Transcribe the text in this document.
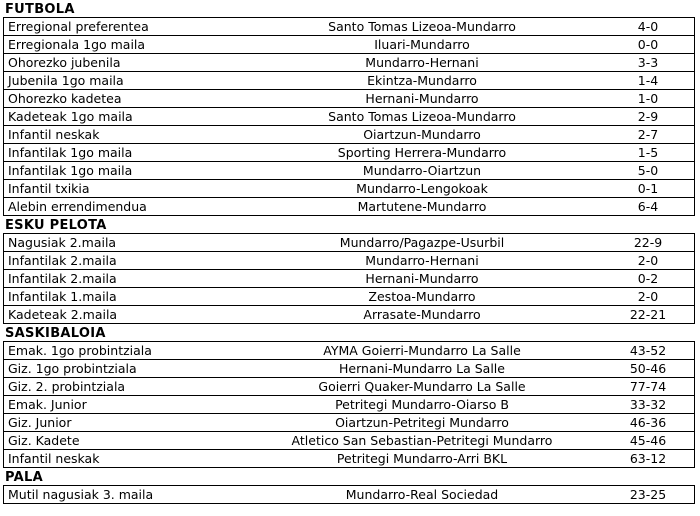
FUTBOLA
Erregional preferentea	Santo Tomas Lizeoa-Mundarro	4-0
Erregionala 1go maila	Iluari-Mundarro	0-0
Ohorezko jubenila	Mundarro-Hernani	3-3
Jubenila 1go maila	Ekintza-Mundarro	1-4
Ohorezko kadetea	Hernani-Mundarro	1-0
Kadeteak 1go maila	Santo Tomas Lizeoa-Mundarro	2-9
Infantil neskak	Oiartzun-Mundarro	2-7
Infantilak 1go maila	Sporting Herrera-Mundarro	1-5
Infantilak 1go maila	Mundarro-Oiartzun	5-0
Infantil txikia	Mundarro-Lengokoak	0-1
Alebin errendimendua	Martutene-Mundarro	6-4
ESKU PELOTA
Nagusiak 2.maila	Mundarro/Pagazpe-Usurbil	22-9
Infantilak 2.maila	Mundarro-Hernani	2-0
Infantilak 2.maila	Hernani-Mundarro	0-2
Infantilak 1.maila	Zestoa-Mundarro	2-0
Kadeteak 2.maila	Arrasate-Mundarro	22-21
SASKIBALOIA
Emak. 1go probintziala	AYMA Goierri-Mundarro La Salle	43-52
Giz. 1go probintziala	Hernani-Mundarro La Salle	50-46
Giz. 2. probintziala	Goierri Quaker-Mundarro La Salle	77-74
Emak. Junior	Petritegi Mundarro-Oiarso B	33-32
Giz. Junior	Oiartzun-Petritegi Mundarro	46-36
Giz. Kadete	Atletico San Sebastian-Petritegi Mundarro	45-46
Infantil neskak	Petritegi Mundarro-Arri BKL	63-12
PALA
Mutil nagusiak 3. maila	Mundarro-Real Sociedad	23-25
